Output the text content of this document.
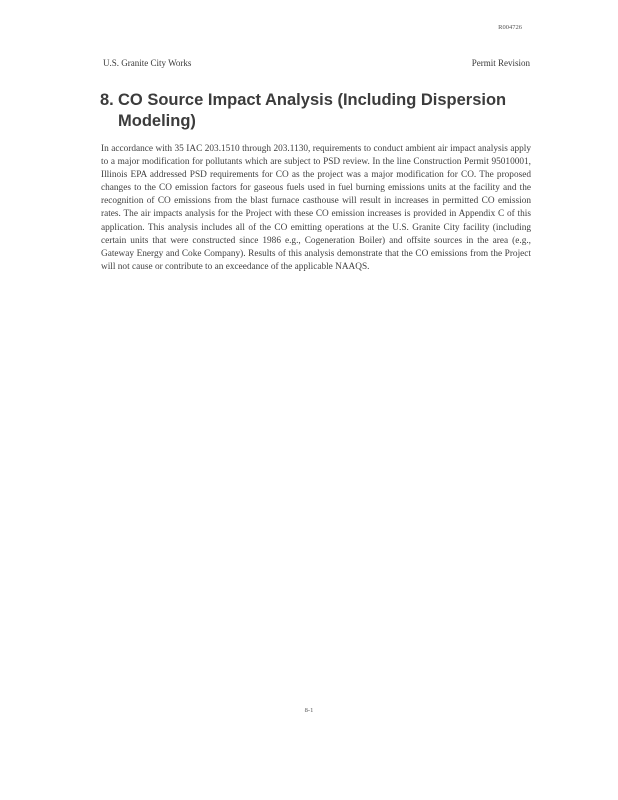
R004726
U.S. Granite City Works	Permit Revision
8. CO Source Impact Analysis (Including Dispersion
Modeling)

In accordance with 35 IAC 203.1510 through 203.1130, requirements to conduct ambient air impact analysis apply to a major modification for pollutants which are subject to PSD review. In the line Construction Permit 95010001, Illinois EPA addressed PSD requirements for CO as the project was a major modification for CO. The proposed changes to the CO emission factors for gaseous fuels used in fuel burning emissions units at the facility and the recognition of CO emissions from the blast furnace casthouse will result in increases in permitted CO emission rates. The air impacts analysis for the Project with these CO emission increases is provided in Appendix C of this application. This analysis includes all of the CO emitting operations at the U.S. Granite City facility (including certain units that were constructed since 1986 e.g., Cogeneration Boiler) and offsite sources in the area (e.g., Gateway Energy and Coke Company). Results of this analysis demonstrate that the CO emissions from the Project will not cause or contribute to an exceedance of the applicable NAAQS.

8-1
